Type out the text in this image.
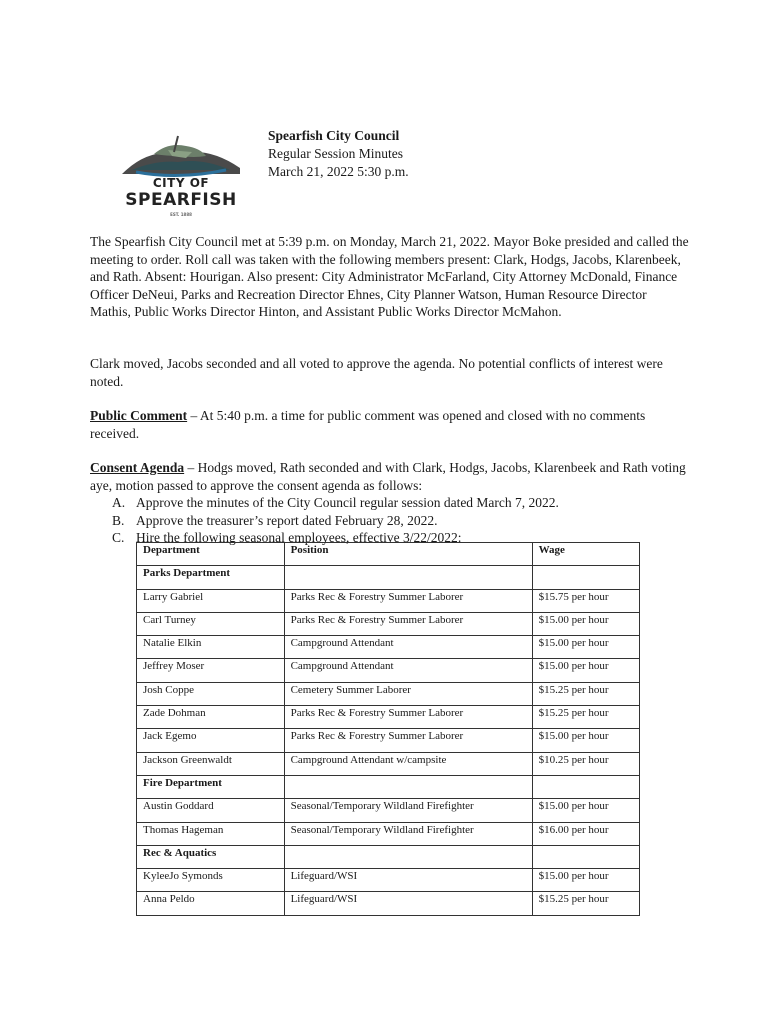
CITY OF
SPEARFISH
EST. 1888
Spearfish City Council
Regular Session Minutes
March 21, 2022 5:30 p.m.
The Spearfish City Council met at 5:39 p.m. on Monday, March 21, 2022. Mayor Boke presided and called the meeting to order. Roll call was taken with the following members present: Clark, Hodgs, Jacobs, Klarenbeek, and Rath. Absent: Hourigan. Also present: City Administrator McFarland, City Attorney McDonald, Finance Officer DeNeui, Parks and Recreation Director Ehnes, City Planner Watson, Human Resource Director Mathis, Public Works Director Hinton, and Assistant Public Works Director McMahon.
Clark moved, Jacobs seconded and all voted to approve the agenda. No potential conflicts of interest were noted.
Public Comment – At 5:40 p.m. a time for public comment was opened and closed with no comments received.
Consent Agenda – Hodgs moved, Rath seconded and with Clark, Hodgs, Jacobs, Klarenbeek and Rath voting aye, motion passed to approve the consent agenda as follows:
A. Approve the minutes of the City Council regular session dated March 7, 2022.
B. Approve the treasurer’s report dated February 28, 2022.
C. Hire the following seasonal employees, effective 3/22/2022:
Department	Position	Wage
Parks Department		
Larry Gabriel	Parks Rec & Forestry Summer Laborer	$15.75 per hour
Carl Turney	Parks Rec & Forestry Summer Laborer	$15.00 per hour
Natalie Elkin	Campground Attendant	$15.00 per hour
Jeffrey Moser	Campground Attendant	$15.00 per hour
Josh Coppe	Cemetery Summer Laborer	$15.25 per hour
Zade Dohman	Parks Rec & Forestry Summer Laborer	$15.25 per hour
Jack Egemo	Parks Rec & Forestry Summer Laborer	$15.00 per hour
Jackson Greenwaldt	Campground Attendant w/campsite	$10.25 per hour
Fire Department		
Austin Goddard	Seasonal/Temporary Wildland Firefighter	$15.00 per hour
Thomas Hageman	Seasonal/Temporary Wildland Firefighter	$16.00 per hour
Rec & Aquatics		
KyleeJo Symonds	Lifeguard/WSI	$15.00 per hour
Anna Peldo	Lifeguard/WSI	$15.25 per hour
